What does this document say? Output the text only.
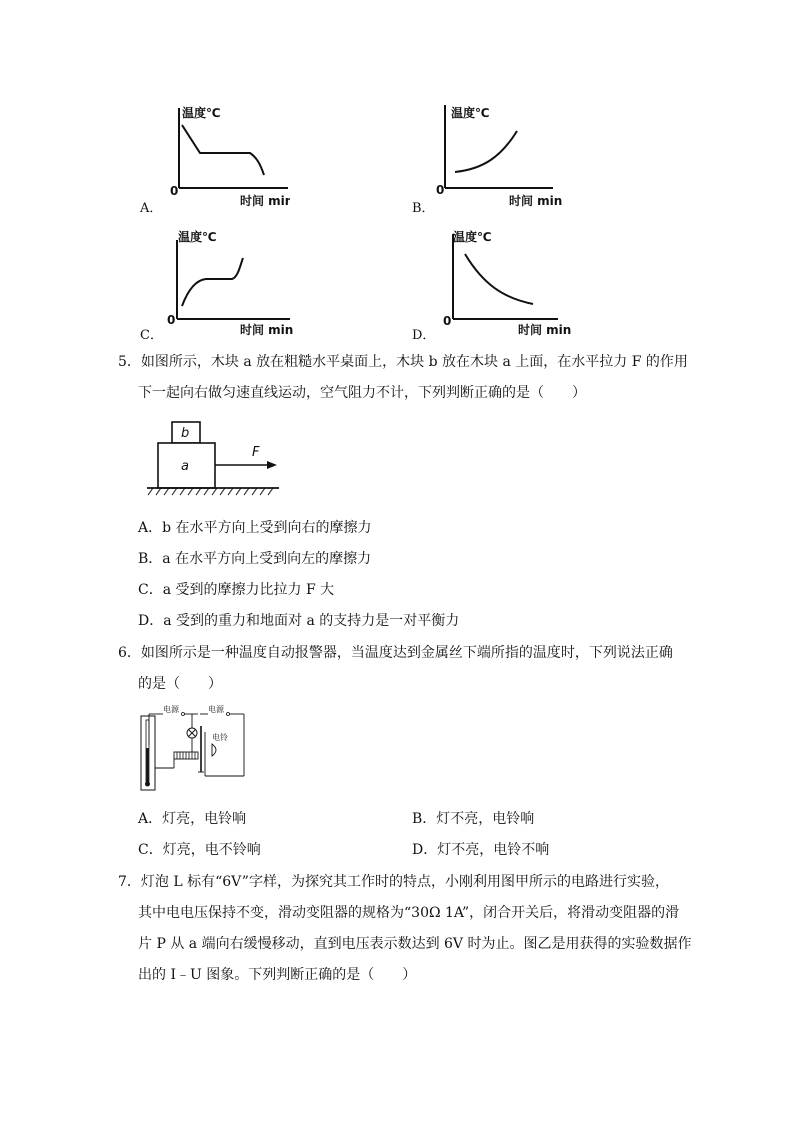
温度℃
时间 min
0
A．
温度℃
时间 min
0
B．
温度℃
时间 min
0
C．
温度℃
时间 min
0
D．
5．如图所示，木块 a 放在粗糙水平桌面上，木块 b 放在木块 a 上面，在水平拉力 F 的作用
下一起向右做匀速直线运动，空气阻力不计，下列判断正确的是（　　）
b
a
F
A．b 在水平方向上受到向右的摩擦力
B．a 在水平方向上受到向左的摩擦力
C．a 受到的摩擦力比拉力 F 大
D．a 受到的重力和地面对 a 的支持力是一对平衡力
6．如图所示是一种温度自动报警器，当温度达到金属丝下端所指的温度时，下列说法正确
的是（　　）
电源	电源
电铃
A．灯亮，电铃响	B．灯不亮，电铃响
C．灯亮，电不铃响	D．灯不亮，电铃不响
7．灯泡 L 标有“6V”字样，为探究其工作时的特点，小刚利用图甲所示的电路进行实验，
其中电电压保持不变，滑动变阻器的规格为“30Ω 1A”，闭合开关后，将滑动变阻器的滑
片 P 从 a 端向右缓慢移动，直到电压表示数达到 6V 时为止。图乙是用获得的实验数据作
出的 I﹣U 图象。下列判断正确的是（　　）
